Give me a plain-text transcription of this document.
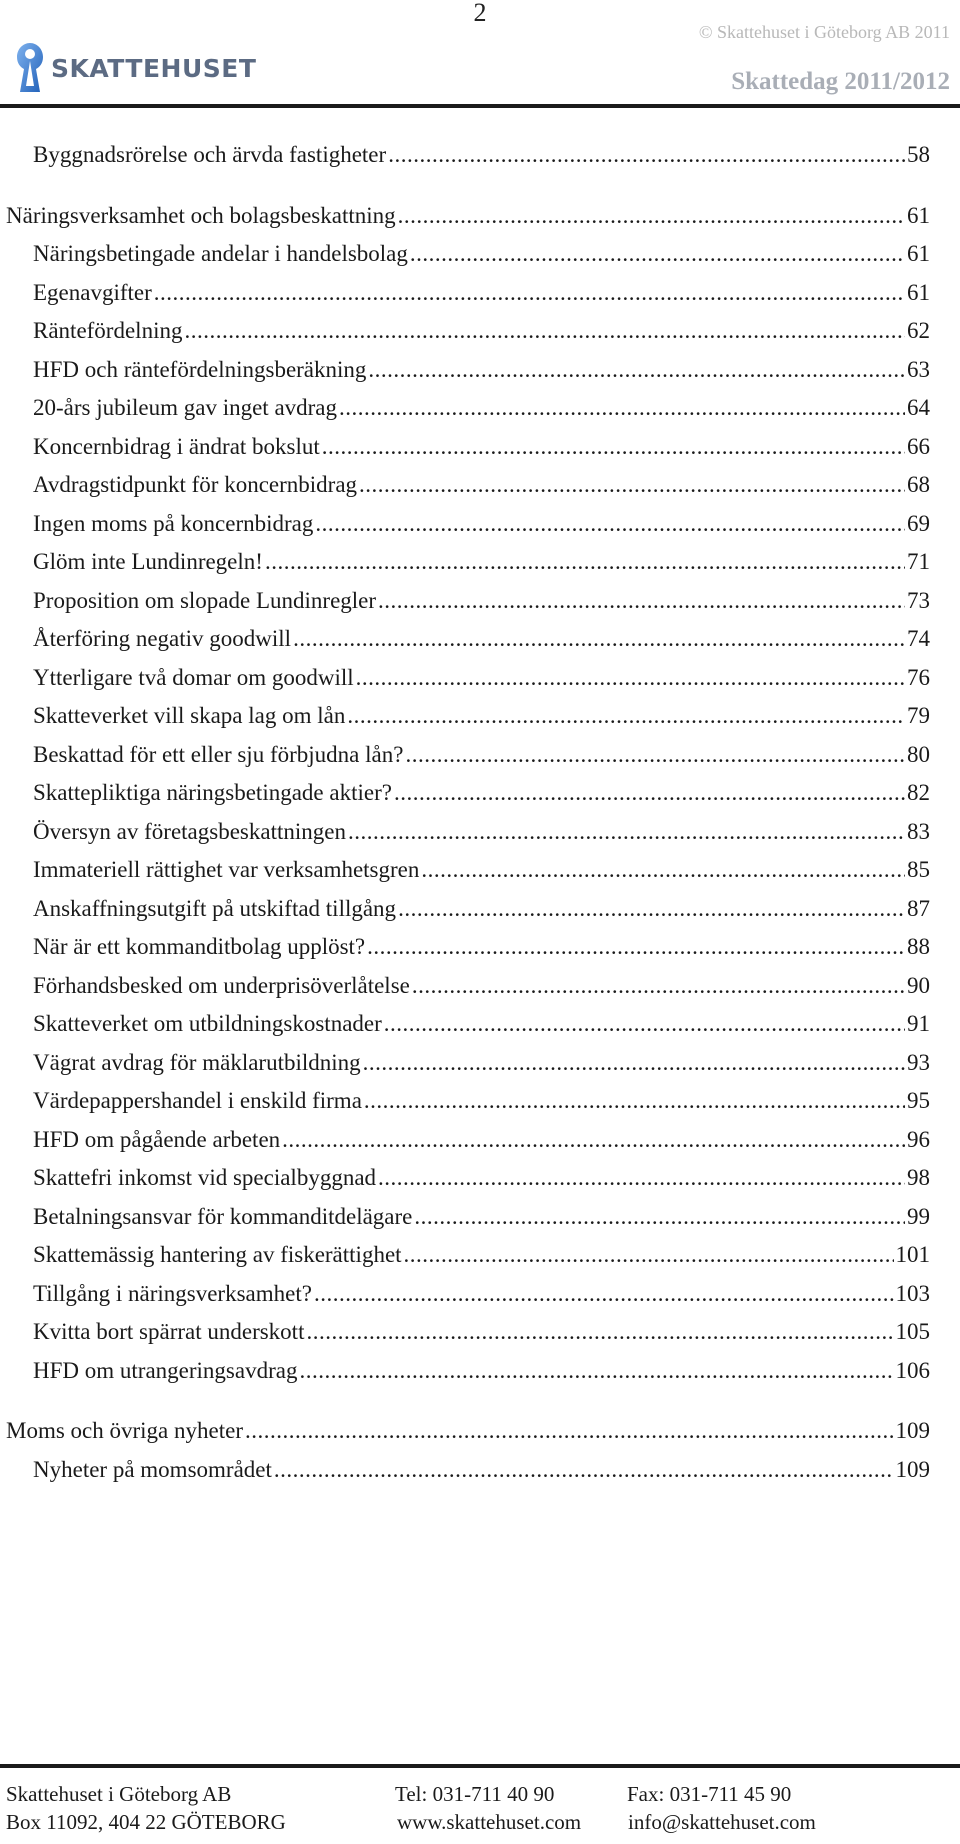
2
© Skattehuset i Göteborg AB 2011
SKATTEHUSET	Skattedag 2011/2012
Byggnadsrörelse och ärvda fastigheter .....	58
Näringsverksamhet och bolagsbeskattning .....	61
Näringsbetingade andelar i handelsbolag .....	61
Egenavgifter .....	61
Räntefördelning .....	62
HFD och räntefördelningsberäkning .....	63
20-års jubileum gav inget avdrag .....	64
Koncernbidrag i ändrat bokslut .....	66
Avdragstidpunkt för koncernbidrag .....	68
Ingen moms på koncernbidrag .....	69
Glöm inte Lundinregeln! .....	71
Proposition om slopade Lundinregler .....	73
Återföring negativ goodwill .....	74
Ytterligare två domar om goodwill .....	76
Skatteverket vill skapa lag om lån .....	79
Beskattad för ett eller sju förbjudna lån? .....	80
Skattepliktiga näringsbetingade aktier? .....	82
Översyn av företagsbeskattningen .....	83
Immateriell rättighet var verksamhetsgren .....	85
Anskaffningsutgift på utskiftad tillgång .....	87
När är ett kommanditbolag upplöst? .....	88
Förhandsbesked om underprisöverlåtelse .....	90
Skatteverket om utbildningskostnader .....	91
Vägrat avdrag för mäklarutbildning .....	93
Värdepappershandel i enskild firma .....	95
HFD om pågående arbeten .....	96
Skattefri inkomst vid specialbyggnad .....	98
Betalningsansvar för kommanditdelägare .....	99
Skattemässig hantering av fiskerättighet .....	101
Tillgång i näringsverksamhet? .....	103
Kvitta bort spärrat underskott .....	105
HFD om utrangeringsavdrag .....	106
Moms och övriga nyheter .....	109
Nyheter på momsområdet .....	109
Skattehuset i Göteborg AB	Tel: 031-711 40 90	Fax: 031-711 45 90
Box 11092, 404 22 GÖTEBORG	www.skattehuset.com info@skattehuset.com
